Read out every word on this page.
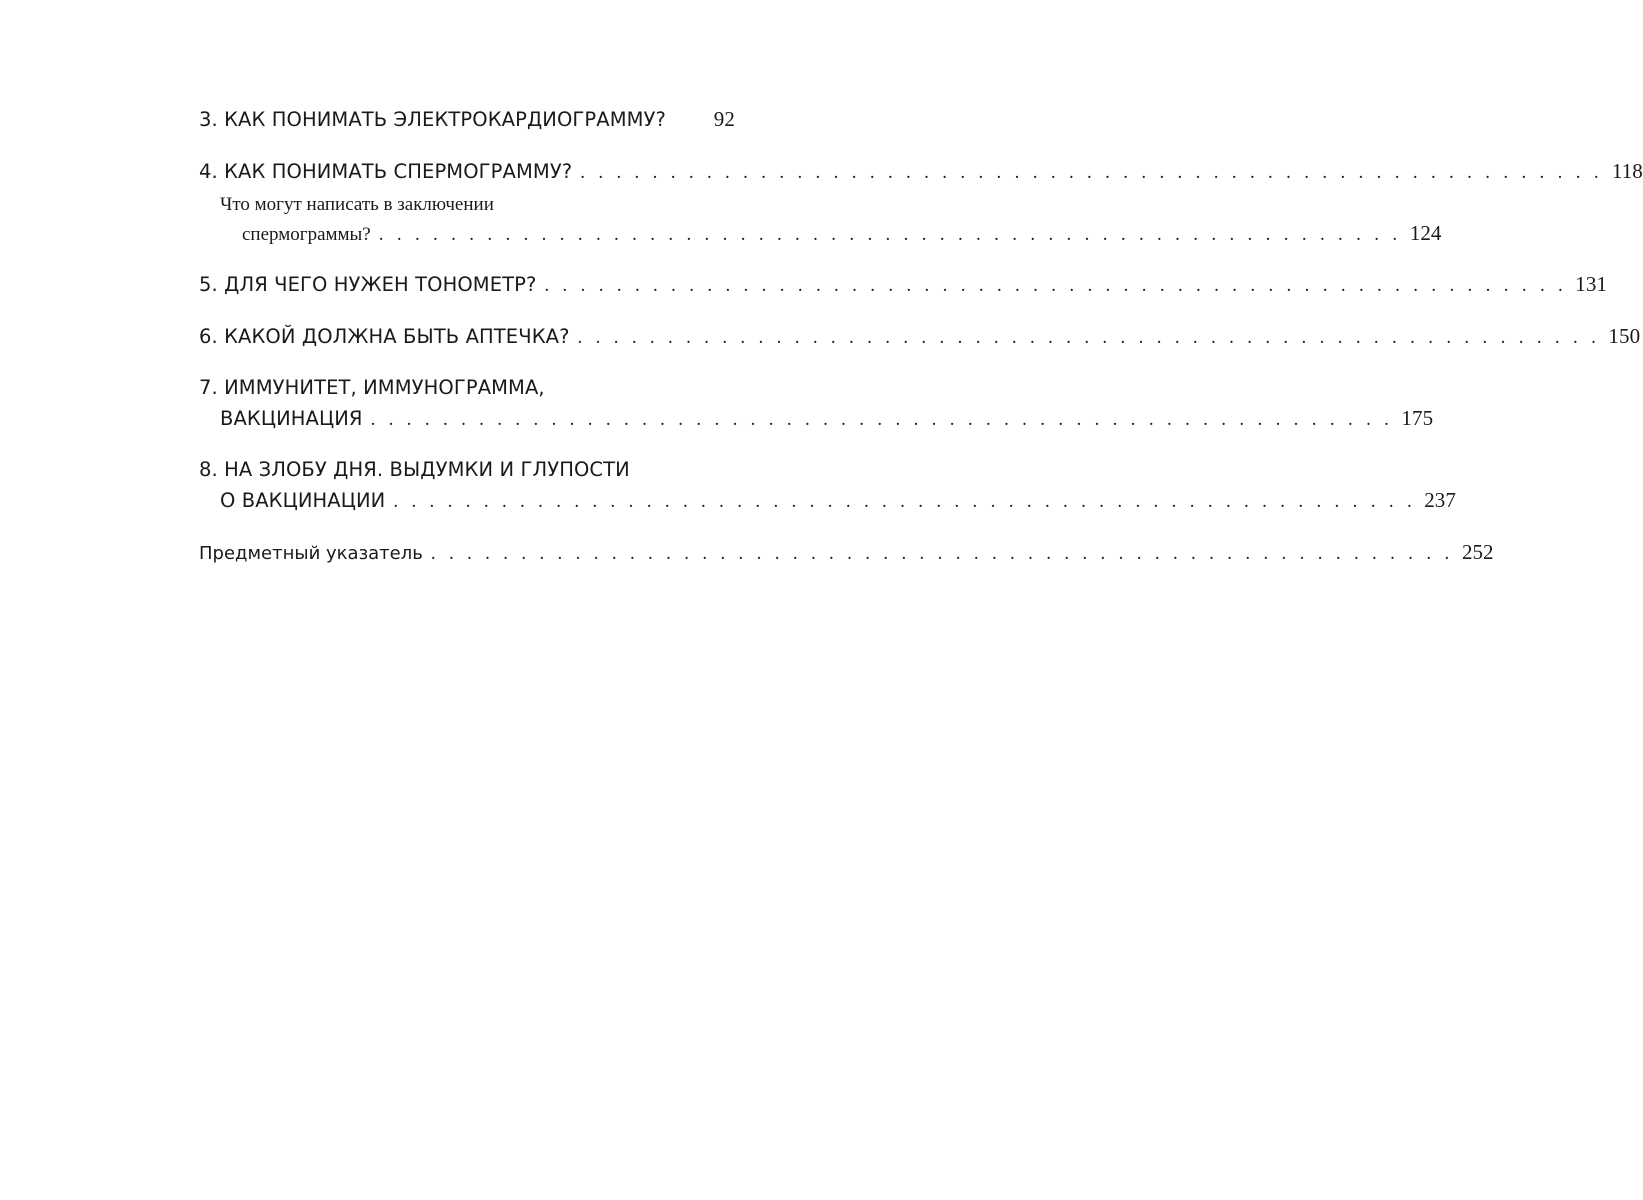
3. КАК ПОНИМАТЬ ЭЛЕКТРОКАРДИОГРАММУ?	92
4. КАК ПОНИМАТЬ СПЕРМОГРАММУ? . . . . . . . . . . . . . . . . . . . . . . . . . . . . . . . . . . . . . . . . . . . . . . . . . . . . . . . . . 118
Что могут написать в заключении
спермограммы? . . . . . . . . . . . . . . . . . . . . . . . . . . . . . . . . . . . . . . . . . . . . . . . . . . . . . . . . . 124
5. ДЛЯ ЧЕГО НУЖЕН ТОНОМЕТР? . . . . . . . . . . . . . . . . . . . . . . . . . . . . . . . . . . . . . . . . . . . . . . . . . . . . . . . . . 131
6. КАКОЙ ДОЛЖНА БЫТЬ АПТЕЧКА? . . . . . . . . . . . . . . . . . . . . . . . . . . . . . . . . . . . . . . . . . . . . . . . . . . . . . . . . . 150
7. ИММУНИТЕТ, ИММУНОГРАММА,
ВАКЦИНАЦИЯ . . . . . . . . . . . . . . . . . . . . . . . . . . . . . . . . . . . . . . . . . . . . . . . . . . . . . . . . . 175
8. НА ЗЛОБУ ДНЯ. ВЫДУМКИ И ГЛУПОСТИ
О ВАКЦИНАЦИИ . . . . . . . . . . . . . . . . . . . . . . . . . . . . . . . . . . . . . . . . . . . . . . . . . . . . . . . . . 237
Предметный указатель . . . . . . . . . . . . . . . . . . . . . . . . . . . . . . . . . . . . . . . . . . . . . . . . . . . . . . . . . 252
